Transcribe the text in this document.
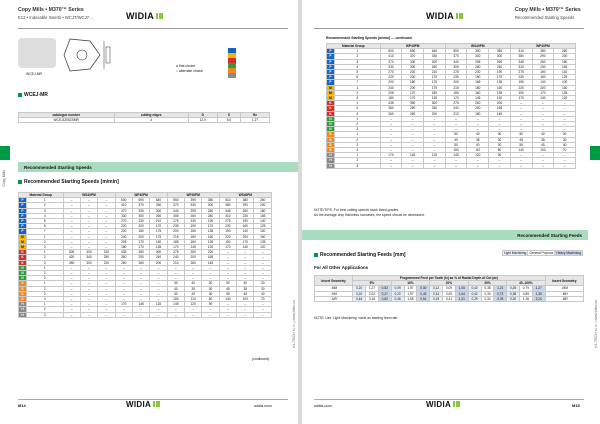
Copy Mills • M370™ Series
E12 • Indexable Inserts • WCJT/WCJ7…	WIDIA
WCEJ-MR
● first choice
○ alternate choice
WCEJ-MR
catalogue number	cutting edges	D	S	Re
WCEJ1205ZSMR	4	12,0	5,0	1,27
Recommended Starting Speeds
Copy Mills	Recommended Starting Speeds [m/min]
Material Group		WS40PM			WP40PM			WP40PM			WS40PM		
P	1	–	–	–	600	690	640	550	390	350	510	380	260
P	2	–	–	–	410	370	330	370	330	300	380	290	200
P	3	–	–	–	370	330	300	340	295	260	345	260	180
P	4	–	–	–	330	300	260	305	260	240	310	230	165
P	5	–	–	–	270	230	210	275	230	190	275	190	140
P	6	–	–	–	220	200	170	235	190	170	230	160	125
P	7	–	–	–	200	180	175	200	165	135	190	140	100
M	1	–	–	–	240	200	175	215	180	160	220	200	160
M	2	–	–	–	205	170	150	185	160	135	190	170	135
M	3	–	–	–	180	170	135	170	145	120	170	140	120
K	1	500	400	310	435	350	300	275	260	200	–	–	–
K	2	420	340	250	360	290	240	240	200	165	–	–	–
K	3	350	300	220	260	260	200	210	180	145	–	–	–
N	1	–	–	–	–	–	–	–	–	–	–	–	–
N	2	–	–	–	–	–	–	–	–	–	–	–	–
N	3	–	–	–	–	–	–	–	–	–	–	–	–
S	1	–	–	–	–	–	–	50	40	30	50	40	30
S	2	–	–	–	–	–	–	40	35	30	45	35	30
S	3	–	–	–	–	–	–	50	40	30	55	45	40
S	4	–	–	–	–	–	–	150	110	80	140	100	70
H	1	–	–	–	170	145	115	145	120	90	–	–	–
H	2	–	–	–	–	–	–	–	–	–	–	–	–
H	3	–	–	–	–	–	–	–	–	–	–	–	–
(continued)
M14	WIDIA	widia.com
KL-TECH s.r.o. | www.kltec.cz
Copy Mills • M370™ Series
Recommended Starting Speeds
WIDIA
Recommended Starting Speeds [m/min] — continued
Material Group		WP40PM			WS40PM			WP40PM		
P	1	600	690	640	550	390	350	510	380	260
P	2	410	370	330	370	330	300	380	290	200
P	3	370	330	300	340	295	260	345	260	180
P	4	330	300	260	305	260	240	310	230	165
P	5	270	230	210	275	230	190	275	190	140
P	6	220	200	170	235	190	170	230	160	125
P	7	200	180	175	200	165	135	190	140	100
M	1	240	200	175	215	180	160	220	200	160
M	2	205	170	150	185	160	135	190	170	135
M	3	180	170	135	170	145	120	170	140	120
K	1	435	350	300	275	260	200	–	–	–
K	2	360	290	240	240	200	165	–	–	–
K	3	260	260	200	210	180	145	–	–	–
N	1	–	–	–	–	–	–	–	–	–
N	2	–	–	–	–	–	–	–	–	–
N	3	–	–	–	–	–	–	–	–	–
S	1	–	–	–	50	40	30	50	40	30
S	2	–	–	–	40	35	30	45	35	30
S	3	–	–	–	50	40	30	55	45	40
S	4	–	–	–	150	110	80	140	100	70
H	1	170	145	115	145	120	90	–	–	–
H	2	–	–	–	–	–	–	–	–	–
H	3	–	–	–	–	–	–	–	–	–
NOTE/TIPS: For best cutting speeds stock listed grades.
As the average chip thickness increases, the speed should be decreased.
Recommended Starting Feeds
Recommended Starting Feeds [mm]	Light Machining	General Purpose	Heavy Machining
For All Other Applications
Insert Geometry	Programmed Feed per Tooth (fz) as % of Radial Depth of Cut (ae)															Insert Geometry
	5%			10%			20%			30%			40–100%			
..MM	0,20	1,27	0,52	0,09	1,97	0,30	0,12	0,09	1,06	0,42	0,38	1,21	0,25	0,79	1,27	..MM
..MH	0,20	2,02	0,27	0,20	1,97	0,45	0,14	0,09	1,54	0,42	0,30	0,73	0,38	0,89	1,30	..MH
..MR	0,46	3,16	0,62	0,46	1,58	0,51	0,19	0,41	1,31	0,29	0,30	0,78	0,30	1,26	2,24	..MR
NOTE: Use 'Light Machining' value as starting feed rate.
widia.com	WIDIA	M15
KL-TECH s.r.o. | www.kltec.cz
